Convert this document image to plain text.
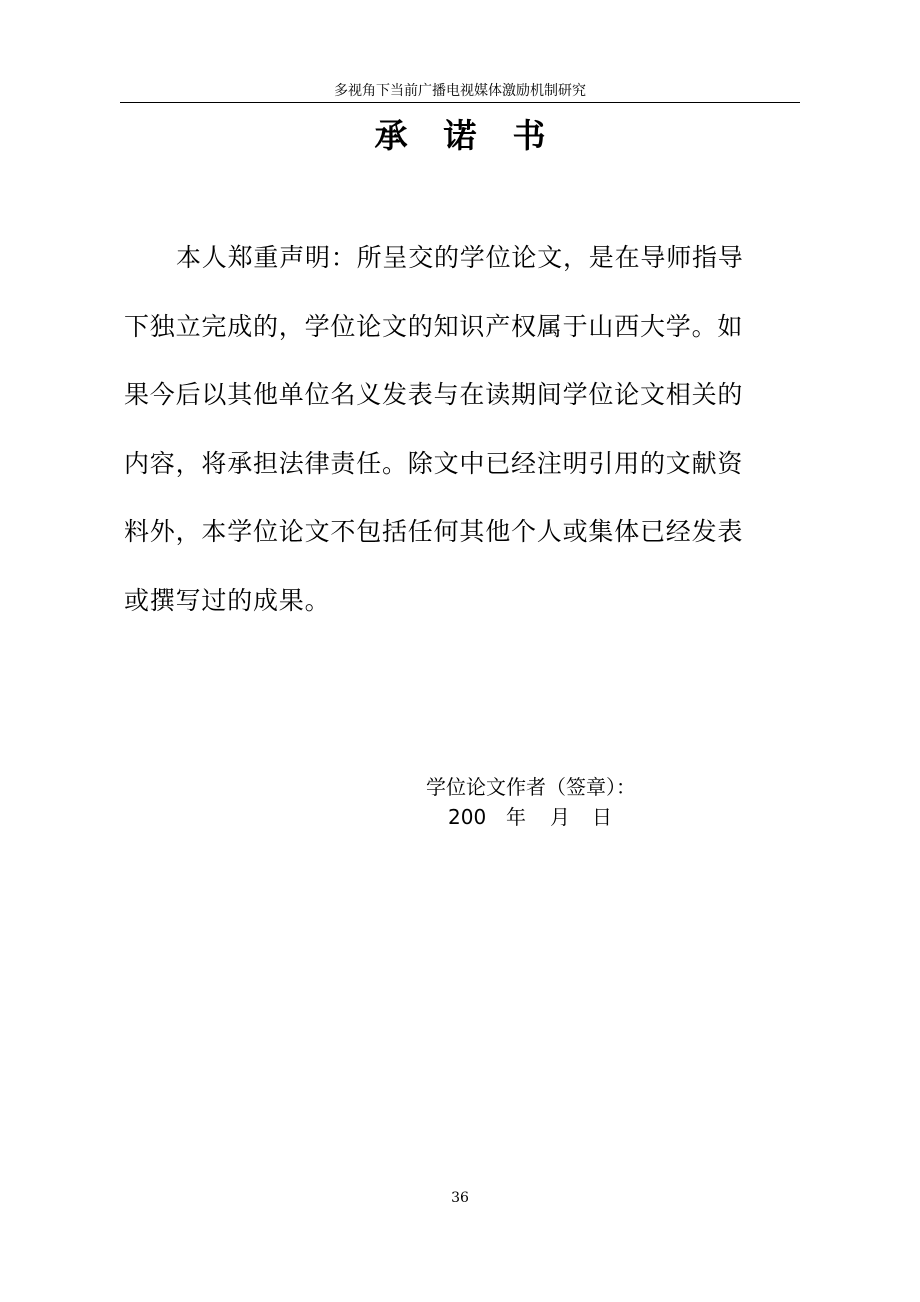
多视角下当前广播电视媒体激励机制研究
承诺书

本人郑重声明：所呈交的学位论文，是在导师指导
下独立完成的，学位论文的知识产权属于山西大学。如
果今后以其他单位名义发表与在读期间学位论文相关的
内容，将承担法律责任。除文中已经注明引用的文献资
料外，本学位论文不包括任何其他个人或集体已经发表
或撰写过的成果。

学位论文作者（签章）：
200 年 月 日
36
